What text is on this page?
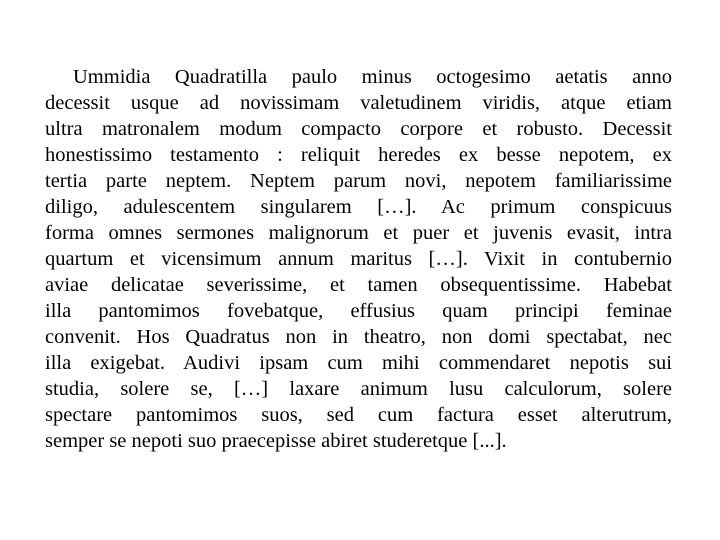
Ummidia Quadratilla paulo minus octogesimo aetatis anno
decessit usque ad novissimam valetudinem viridis, atque etiam
ultra matronalem modum compacto corpore et robusto. Decessit
honestissimo testamento : reliquit heredes ex besse nepotem, ex
tertia parte neptem. Neptem parum novi, nepotem familiarissime
diligo, adulescentem singularem […]. Ac primum conspicuus
forma omnes sermones malignorum et puer et juvenis evasit, intra
quartum et vicensimum annum maritus […]. Vixit in contubernio
aviae delicatae severissime, et tamen obsequentissime. Habebat
illa pantomimos fovebatque, effusius quam principi feminae
convenit. Hos Quadratus non in theatro, non domi spectabat, nec
illa exigebat. Audivi ipsam cum mihi commendaret nepotis sui
studia, solere se, […] laxare animum lusu calculorum, solere
spectare pantomimos suos, sed cum factura esset alterutrum,
semper se nepoti suo praecepisse abiret studeretque [...].
